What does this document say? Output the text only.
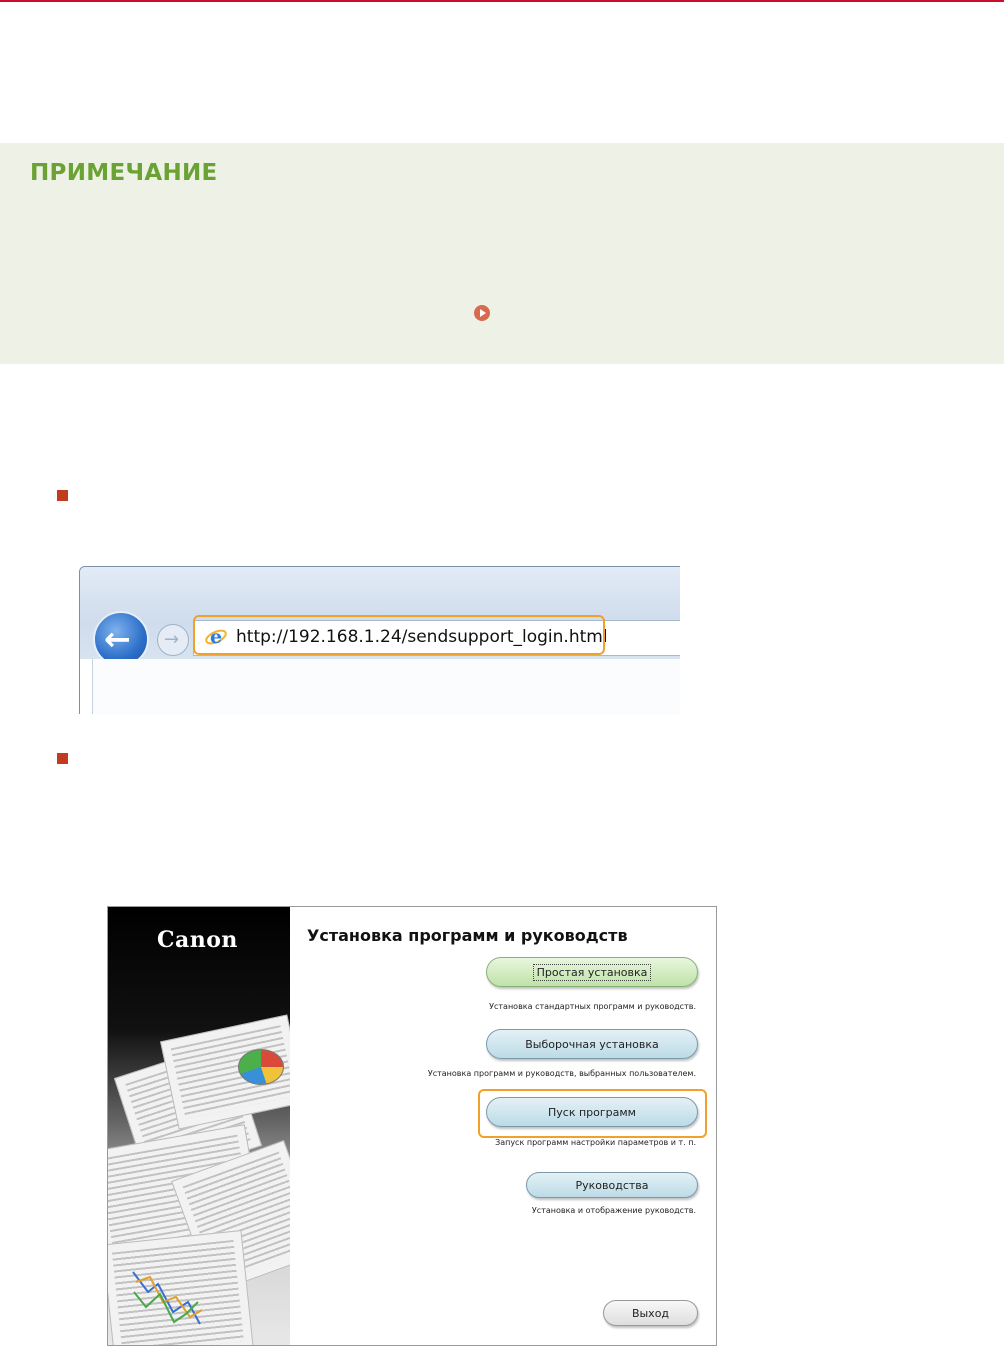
ПРИМЕЧАНИЕ
← → e http://192.168.1.24/sendsupport_login.html
Canon	Установка программ и руководств
Простая установка
Установка стандартных программ и руководств.
Выборочная установка
Установка программ и руководств, выбранных пользователем.
Пуск программ
Запуск программ настройки параметров и т. п.
Руководства
Установка и отображение руководств.
Выход
